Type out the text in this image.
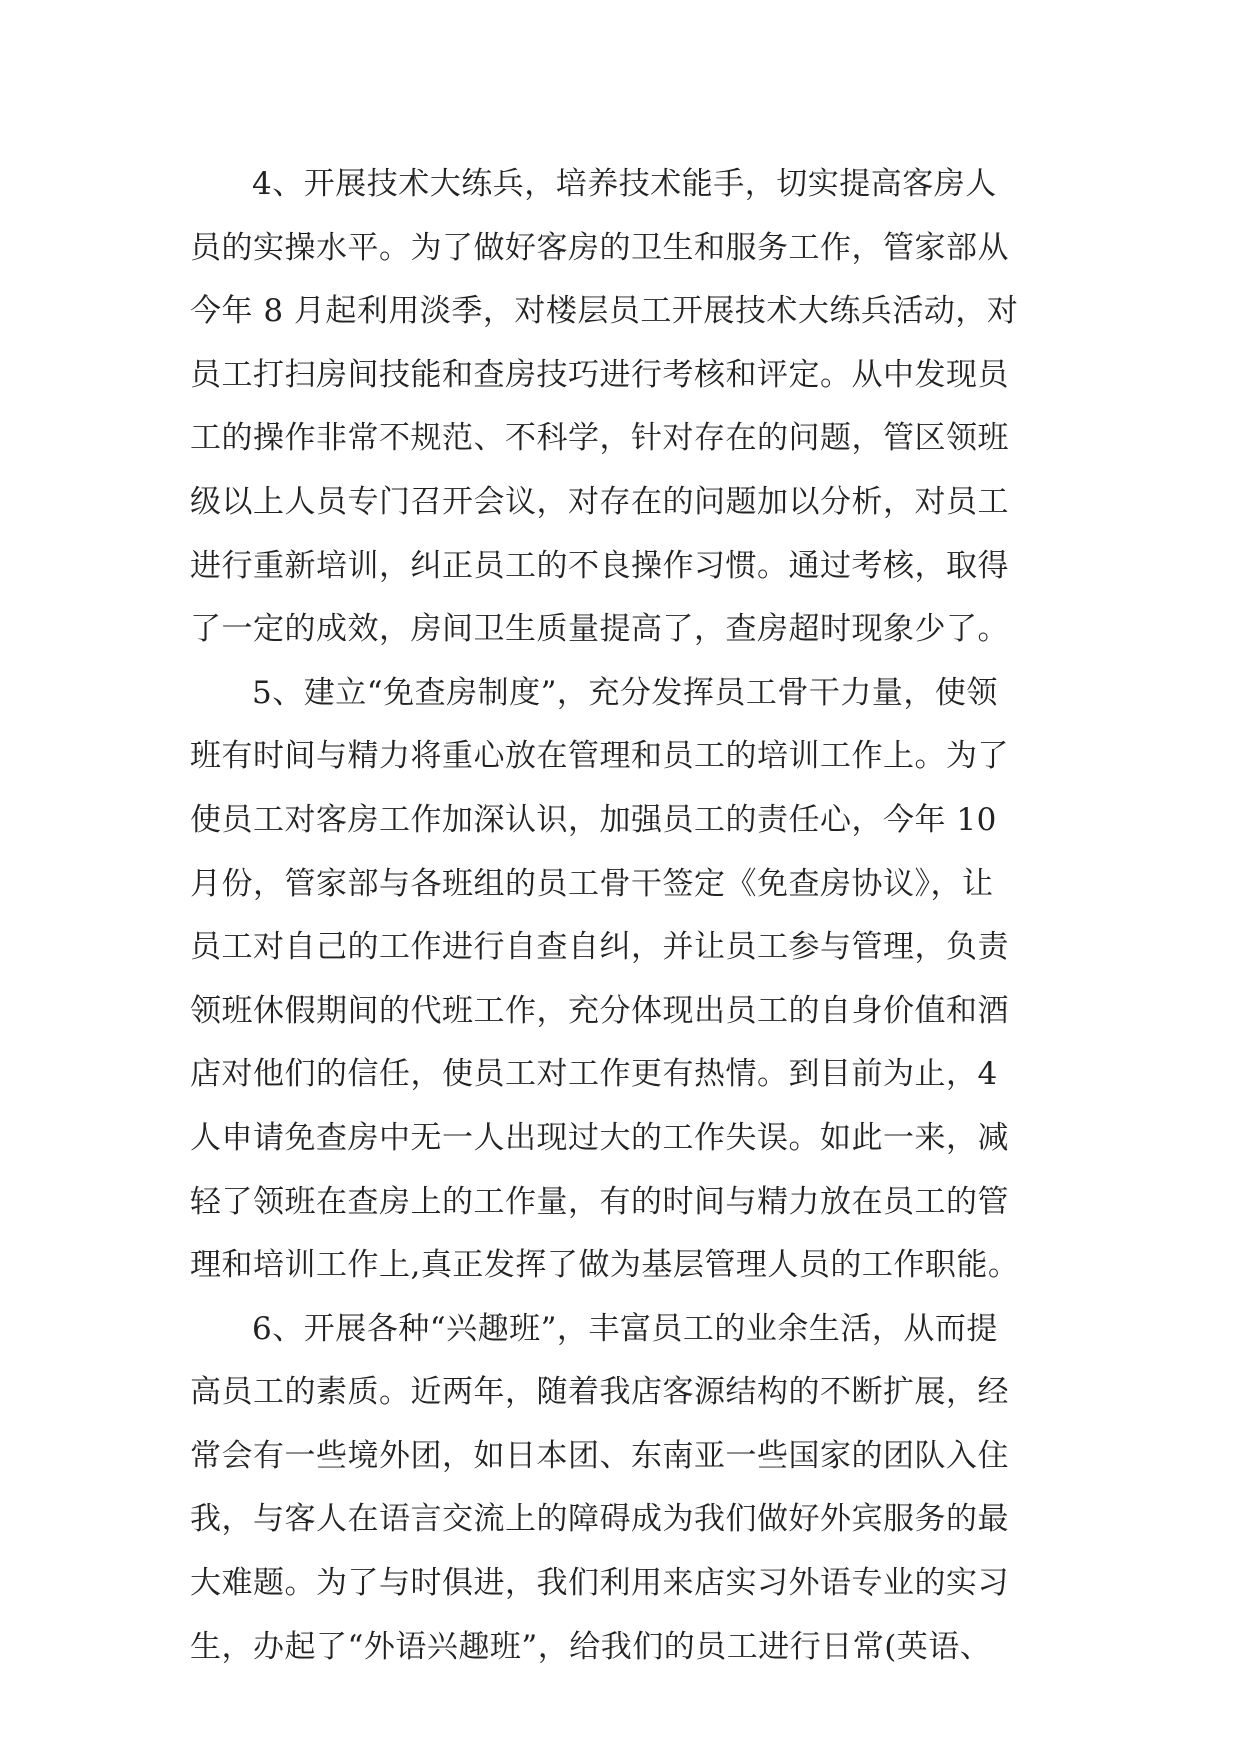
4、开展技术大练兵，培养技术能手，切实提高客房人
员的实操水平。为了做好客房的卫生和服务工作，管家部从
今年 8 月起利用淡季，对楼层员工开展技术大练兵活动，对
员工打扫房间技能和查房技巧进行考核和评定。从中发现员
工的操作非常不规范、不科学，针对存在的问题，管区领班
级以上人员专门召开会议，对存在的问题加以分析，对员工
进行重新培训，纠正员工的不良操作习惯。通过考核，取得
了一定的成效，房间卫生质量提高了，查房超时现象少了。
5、建立“免查房制度”，充分发挥员工骨干力量，使领
班有时间与精力将重心放在管理和员工的培训工作上。为了
使员工对客房工作加深认识，加强员工的责任心，今年 10
月份，管家部与各班组的员工骨干签定《免查房协议》，让
员工对自己的工作进行自查自纠，并让员工参与管理，负责
领班休假期间的代班工作，充分体现出员工的自身价值和酒
店对他们的信任，使员工对工作更有热情。到目前为止，4
人申请免查房中无一人出现过大的工作失误。如此一来，减
轻了领班在查房上的工作量，有的时间与精力放在员工的管
理和培训工作上,真正发挥了做为基层管理人员的工作职能。
6、开展各种“兴趣班”，丰富员工的业余生活，从而提
高员工的素质。近两年，随着我店客源结构的不断扩展，经
常会有一些境外团，如日本团、东南亚一些国家的团队入住
我，与客人在语言交流上的障碍成为我们做好外宾服务的最
大难题。为了与时俱进，我们利用来店实习外语专业的实习
生，办起了“外语兴趣班”，给我们的员工进行日常(英语、
